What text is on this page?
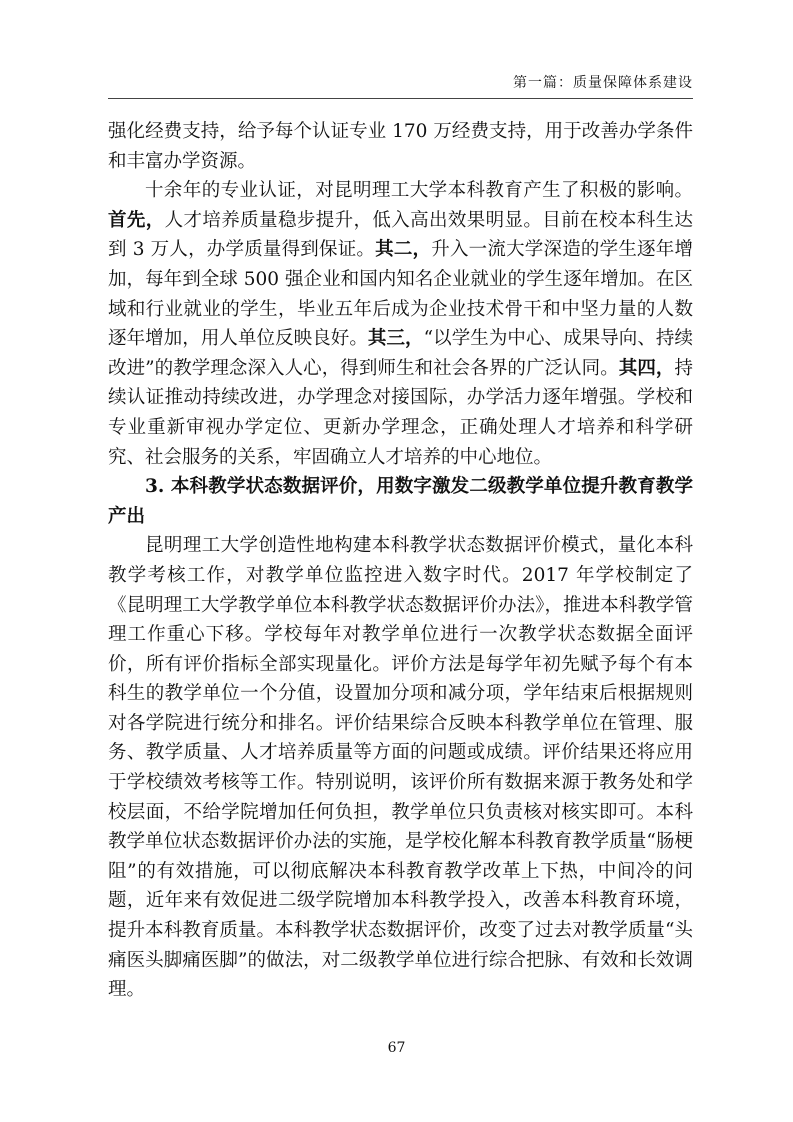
第一篇：质量保障体系建设

强化经费支持，给予每个认证专业 170 万经费支持，用于改善办学条件和丰富办学资源。

十余年的专业认证，对昆明理工大学本科教育产生了积极的影响。首先，人才培养质量稳步提升，低入高出效果明显。目前在校本科生达到 3 万人，办学质量得到保证。其二，升入一流大学深造的学生逐年增加，每年到全球 500 强企业和国内知名企业就业的学生逐年增加。在区域和行业就业的学生，毕业五年后成为企业技术骨干和中坚力量的人数逐年增加，用人单位反映良好。其三，“以学生为中心、成果导向、持续改进”的教学理念深入人心，得到师生和社会各界的广泛认同。其四，持续认证推动持续改进，办学理念对接国际，办学活力逐年增强。学校和专业重新审视办学定位、更新办学理念，正确处理人才培养和科学研究、社会服务的关系，牢固确立人才培养的中心地位。

3. 本科教学状态数据评价，用数字激发二级教学单位提升教育教学产出

昆明理工大学创造性地构建本科教学状态数据评价模式，量化本科教学考核工作，对教学单位监控进入数字时代。2017 年学校制定了《昆明理工大学教学单位本科教学状态数据评价办法》，推进本科教学管理工作重心下移。学校每年对教学单位进行一次教学状态数据全面评价，所有评价指标全部实现量化。评价方法是每学年初先赋予每个有本科生的教学单位一个分值，设置加分项和减分项，学年结束后根据规则对各学院进行统分和排名。评价结果综合反映本科教学单位在管理、服务、教学质量、人才培养质量等方面的问题或成绩。评价结果还将应用于学校绩效考核等工作。特别说明，该评价所有数据来源于教务处和学校层面，不给学院增加任何负担，教学单位只负责核对核实即可。本科教学单位状态数据评价办法的实施，是学校化解本科教育教学质量“肠梗阻”的有效措施，可以彻底解决本科教育教学改革上下热，中间冷的问题，近年来有效促进二级学院增加本科教学投入，改善本科教育环境，提升本科教育质量。本科教学状态数据评价，改变了过去对教学质量“头痛医头脚痛医脚”的做法，对二级教学单位进行综合把脉、有效和长效调理。

67
